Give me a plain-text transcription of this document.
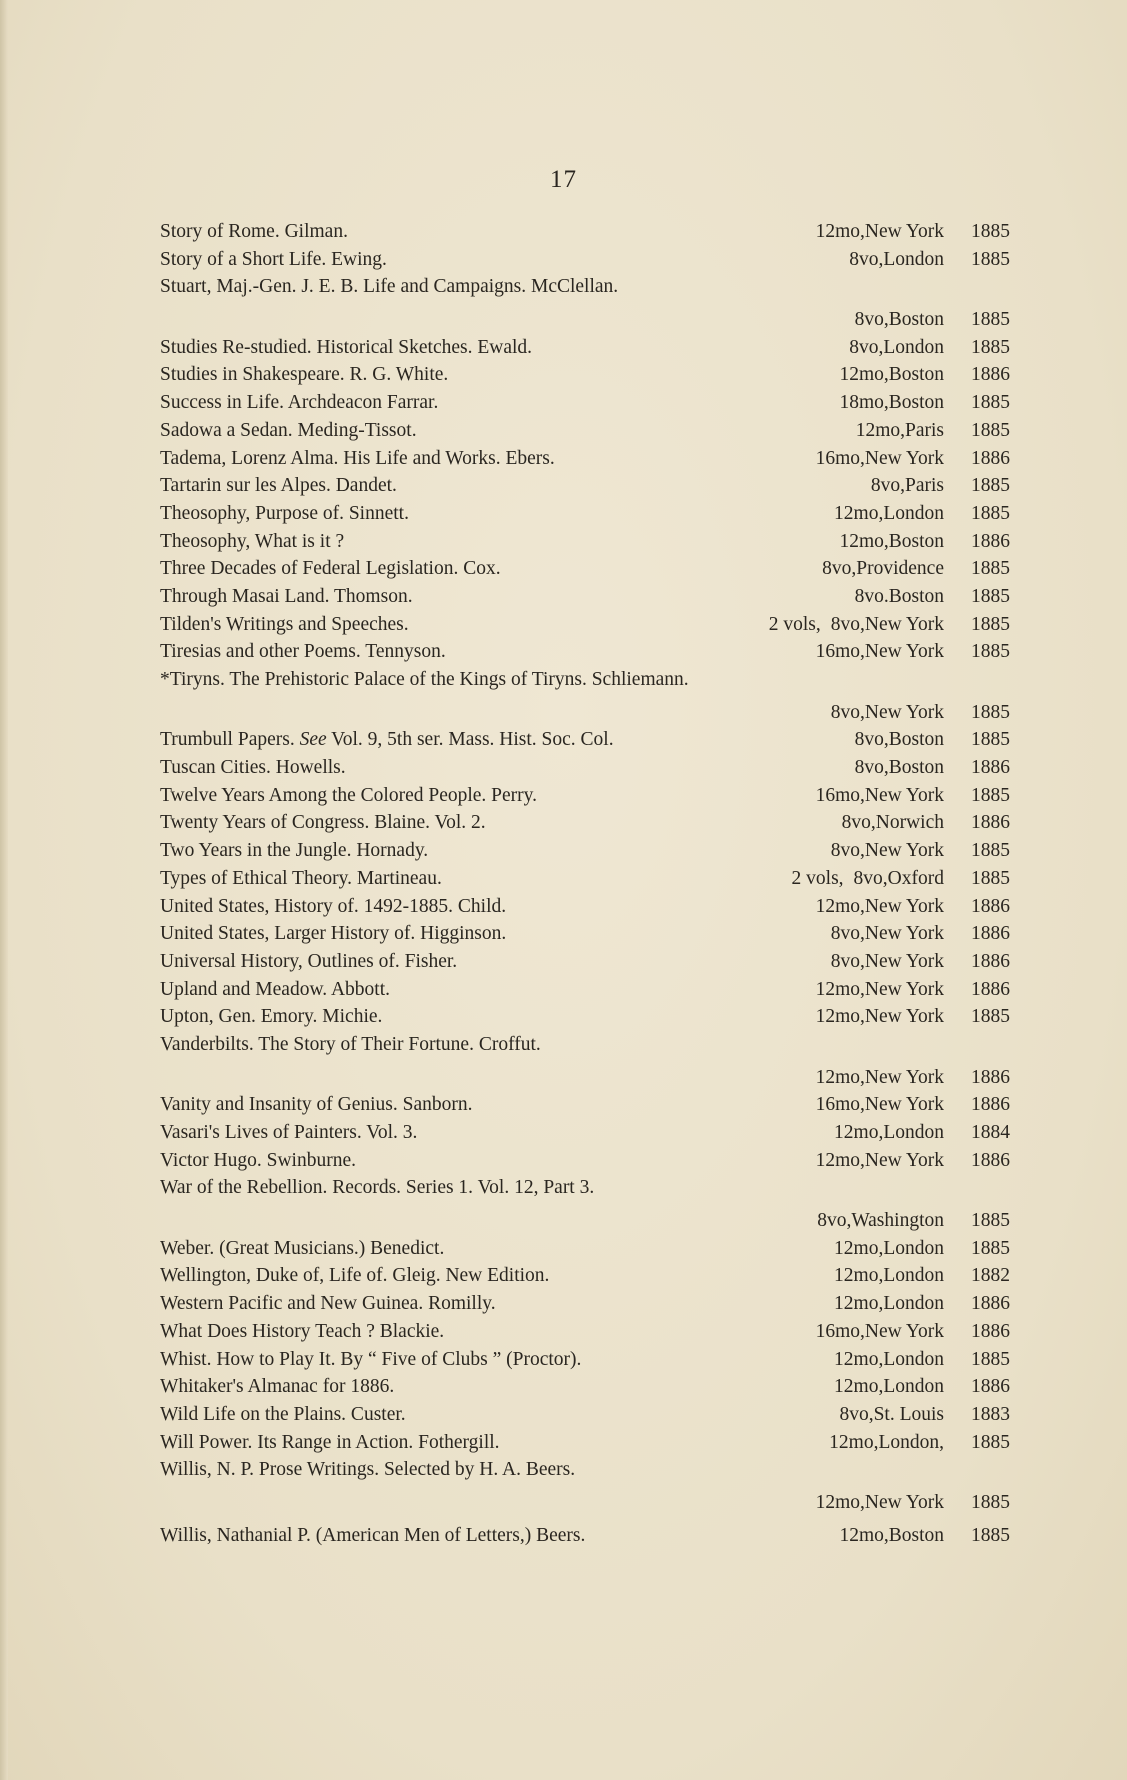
17
Story of Rome. Gilman.	12mo,New York 1885
Story of a Short Life. Ewing.	8vo,London 1885
Stuart, Maj.-Gen. J. E. B. Life and Campaigns. McClellan.
8vo,Boston 1885
Studies Re-studied. Historical Sketches. Ewald.	8vo,London 1885
Studies in Shakespeare. R. G. White.	12mo,Boston 1886
Success in Life. Archdeacon Farrar.	18mo,Boston 1885
Sadowa a Sedan. Meding-Tissot.	12mo,Paris 1885
Tadema, Lorenz Alma. His Life and Works. Ebers.	16mo,New York 1886
Tartarin sur les Alpes. Dandet.	8vo,Paris 1885
Theosophy, Purpose of. Sinnett.	12mo,London 1885
Theosophy, What is it ?	12mo,Boston 1886
Three Decades of Federal Legislation. Cox.	8vo,Providence 1885
Through Masai Land. Thomson.	8vo.Boston 1885
Tilden's Writings and Speeches.	2 vols, 8vo,New York 1885
Tiresias and other Poems. Tennyson.	16mo,New York 1885
*Tiryns. The Prehistoric Palace of the Kings of Tiryns. Schliemann.
8vo,New York 1885
Trumbull Papers. See Vol. 9, 5th ser. Mass. Hist. Soc. Col.	8vo,Boston 1885
Tuscan Cities. Howells.	8vo,Boston 1886
Twelve Years Among the Colored People. Perry.	16mo,New York 1885
Twenty Years of Congress. Blaine. Vol. 2.	8vo,Norwich 1886
Two Years in the Jungle. Hornady.	8vo,New York 1885
Types of Ethical Theory. Martineau.	2 vols, 8vo,Oxford 1885
United States, History of. 1492-1885. Child.	12mo,New York 1886
United States, Larger History of. Higginson.	8vo,New York 1886
Universal History, Outlines of. Fisher.	8vo,New York 1886
Upland and Meadow. Abbott.	12mo,New York 1886
Upton, Gen. Emory. Michie.	12mo,New York 1885
Vanderbilts. The Story of Their Fortune. Croffut.
12mo,New York 1886
Vanity and Insanity of Genius. Sanborn.	16mo,New York 1886
Vasari's Lives of Painters. Vol. 3.	12mo,London 1884
Victor Hugo. Swinburne.	12mo,New York 1886
War of the Rebellion. Records. Series 1. Vol. 12, Part 3.
8vo,Washington 1885
Weber. (Great Musicians.) Benedict.	12mo,London 1885
Wellington, Duke of, Life of. Gleig. New Edition.	12mo,London 1882
Western Pacific and New Guinea. Romilly.	12mo,London 1886
What Does History Teach ? Blackie.	16mo,New York 1886
Whist. How to Play It. By “ Five of Clubs ” (Proctor).	12mo,London 1885
Whitaker's Almanac for 1886.	12mo,London 1886
Wild Life on the Plains. Custer.	8vo,St. Louis 1883
Will Power. Its Range in Action. Fothergill.	12mo,London, 1885
Willis, N. P. Prose Writings. Selected by H. A. Beers.
12mo,New York 1885
Willis, Nathanial P. (American Men of Letters,) Beers.	12mo,Boston 1885
